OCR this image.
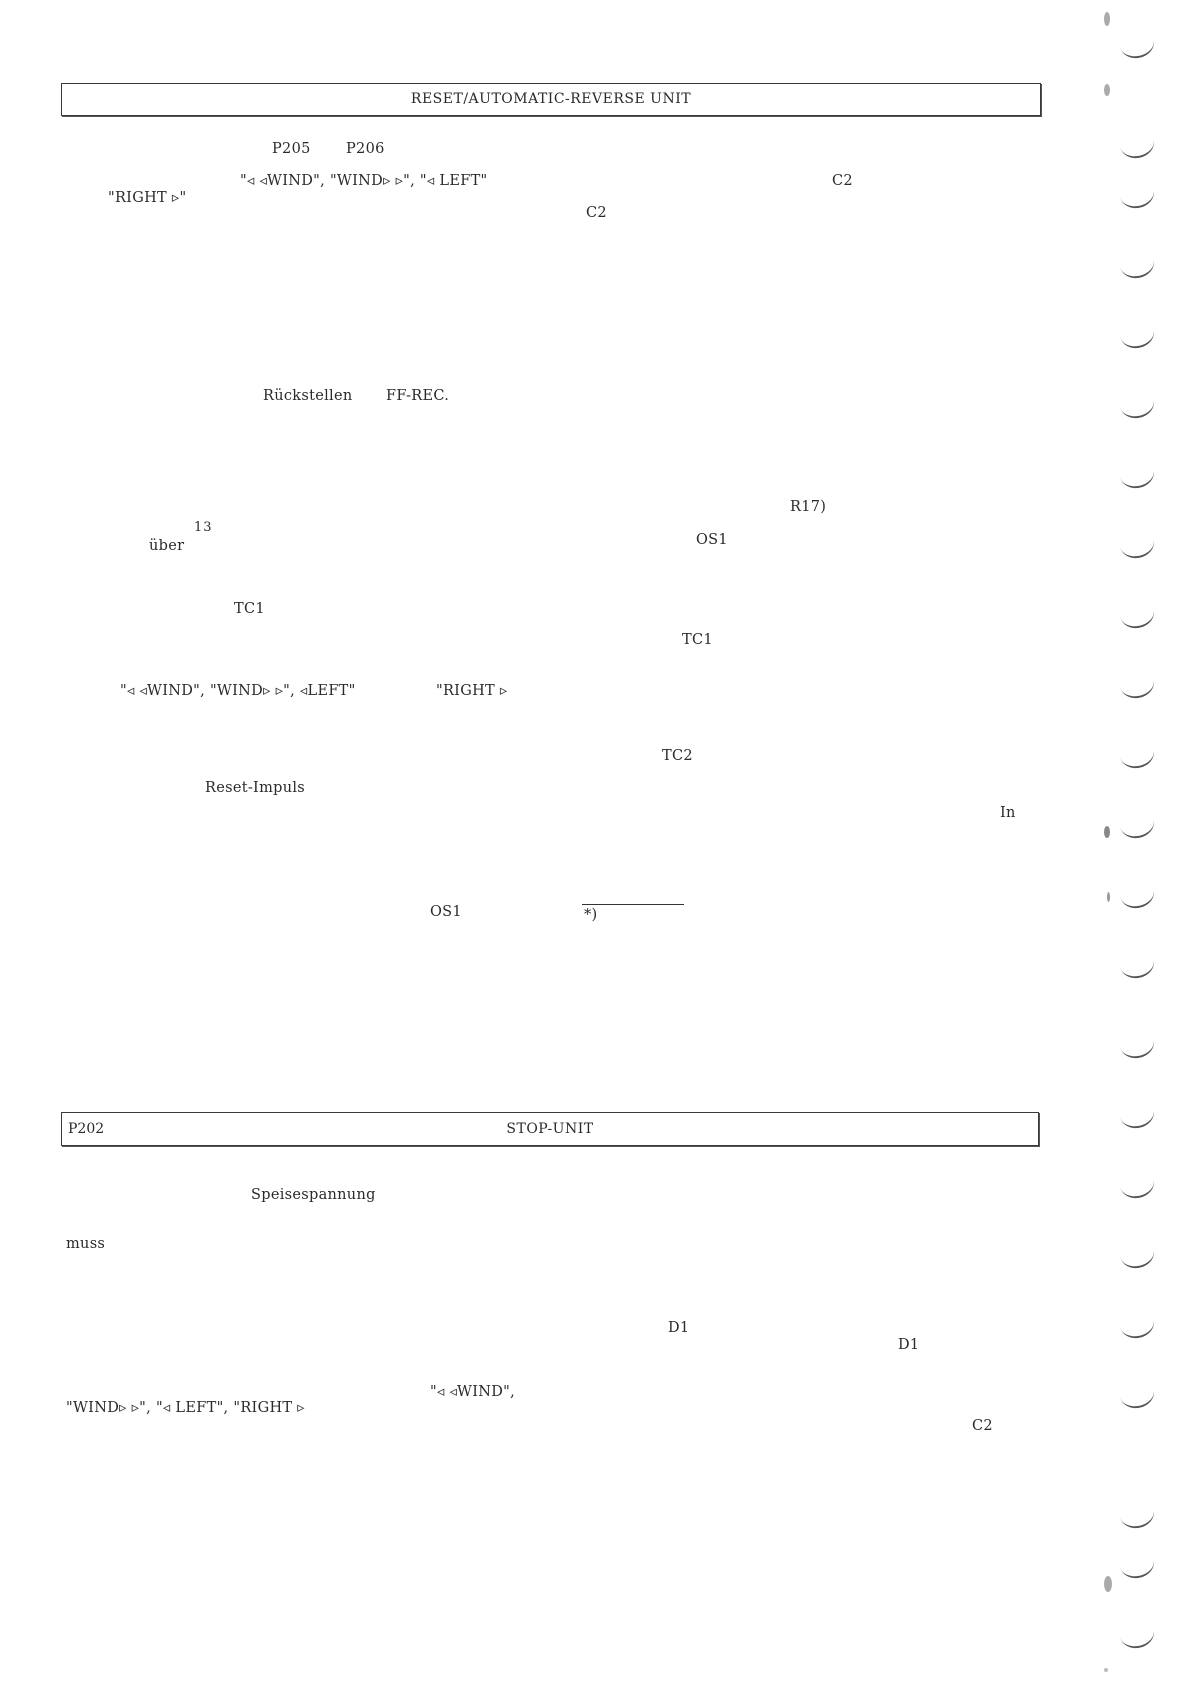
RESET/AUTOMATIC-REVERSE UNIT
P205 P206
"◃ ◃WIND", "WIND▹ ▹", "◃ LEFT"	C2
"RIGHT ▹"
C2
Rückstellen FF-REC.
R17)
13
über	OS1
TC1
TC1
"◃ ◃WIND", "WIND▹ ▹", ◃LEFT"	"RIGHT ▹
TC2
Reset-Impuls
In
OS1	*)
P202	STOP-UNIT
Speisespannung
muss
D1
D1
"◃ ◃WIND",
"WIND▹ ▹", "◃ LEFT", "RIGHT ▹
C2
